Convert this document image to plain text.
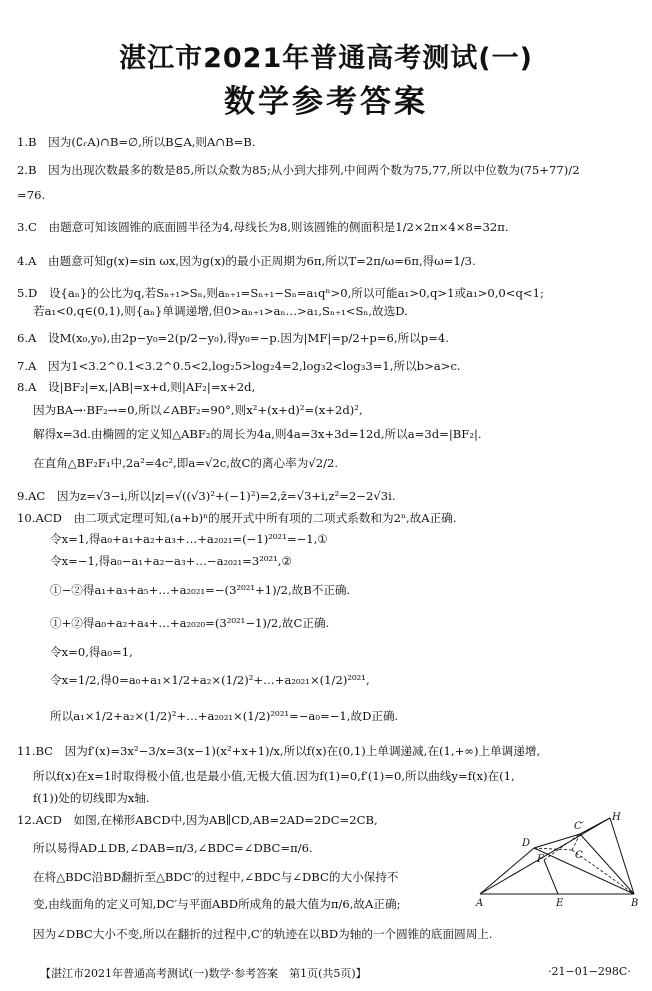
湛江市2021年普通高考测试(一)
数学参考答案
1.B　因为(∁ᵣA)∩B=∅,所以B⊆A,则A∩B=B.
2.B　因为出现次数最多的数是85,所以众数为85;从小到大排列,中间两个数为75,77,所以中位数为(75+77)/2
=76.
3.C　由题意可知该圆锥的底面圆半径为4,母线长为8,则该圆锥的侧面积是1/2×2π×4×8=32π.
4.A　由题意可知g(x)=sin ωx,因为g(x)的最小正周期为6π,所以T=2π/ω=6π,得ω=1/3.
5.D　设{aₙ}的公比为q,若Sₙ₊₁>Sₙ,则aₙ₊₁=Sₙ₊₁−Sₙ=a₁qⁿ>0,所以可能a₁>0,q>1或a₁>0,0<q<1;
若a₁<0,q∈(0,1),则{aₙ}单调递增,但0>aₙ₊₁>aₙ…>a₁,Sₙ₊₁<Sₙ,故选D.
6.A　设M(x₀,y₀),由2p−y₀=2(p/2−y₀),得y₀=−p.因为|MF|=p/2+p=6,所以p=4.
7.A　因为1<3.2^0.1<3.2^0.5<2,log₂5>log₂4=2,log₃2<log₃3=1,所以b>a>c.
8.A　设|BF₂|=x,|AB|=x+d,则|AF₂|=x+2d,
因为BA→·BF₂→=0,所以∠ABF₂=90°,则x²+(x+d)²=(x+2d)²,
解得x=3d.由椭圆的定义知△ABF₂的周长为4a,则4a=3x+3d=12d,所以a=3d=|BF₂|.
在直角△BF₂F₁中,2a²=4c²,即a=√2c,故C的离心率为√2/2.
9.AC　因为z=√3−i,所以|z|=√((√3)²+(−1)²)=2,z̄=√3+i,z²=2−2√3i.
10.ACD　由二项式定理可知,(a+b)ⁿ的展开式中所有项的二项式系数和为2ⁿ,故A正确.
令x=1,得a₀+a₁+a₂+a₃+…+a₂₀₂₁=(−1)²⁰²¹=−1,①
令x=−1,得a₀−a₁+a₂−a₃+…−a₂₀₂₁=3²⁰²¹,②
①−②得a₁+a₃+a₅+…+a₂₀₂₁=−(3²⁰²¹+1)/2,故B不正确.
①+②得a₀+a₂+a₄+…+a₂₀₂₀=(3²⁰²¹−1)/2,故C正确.
令x=0,得a₀=1,
令x=1/2,得0=a₀+a₁×1/2+a₂×(1/2)²+…+a₂₀₂₁×(1/2)²⁰²¹,
所以a₁×1/2+a₂×(1/2)²+…+a₂₀₂₁×(1/2)²⁰²¹=−a₀=−1,故D正确.
11.BC　因为f′(x)=3x²−3/x=3(x−1)(x²+x+1)/x,所以f(x)在(0,1)上单调递减,在(1,+∞)上单调递增,
所以f(x)在x=1时取得极小值,也是最小值,无极大值.因为f(1)=0,f′(1)=0,所以曲线y=f(x)在(1,
f(1))处的切线即为x轴.
12.ACD　如图,在梯形ABCD中,因为AB∥CD,AB=2AD=2DC=2CB,
所以易得AD⊥DB,∠DAB=π/3,∠BDC=∠DBC=π/6.
在将△BDC沿BD翻折至△BDC′的过程中,∠BDC与∠DBC的大小保持不
变,由线面角的定义可知,DC′与平面ABD所成角的最大值为π/6,故A正确;
因为∠DBC大小不变,所以在翻折的过程中,C′的轨迹在以BD为轴的一个圆锥的底面圆周上.
H
C′
D
F	C
A	E	B
【湛江市2021年普通高考测试(一)数学·参考答案　第1页(共5页)】	·21−01−298C·
